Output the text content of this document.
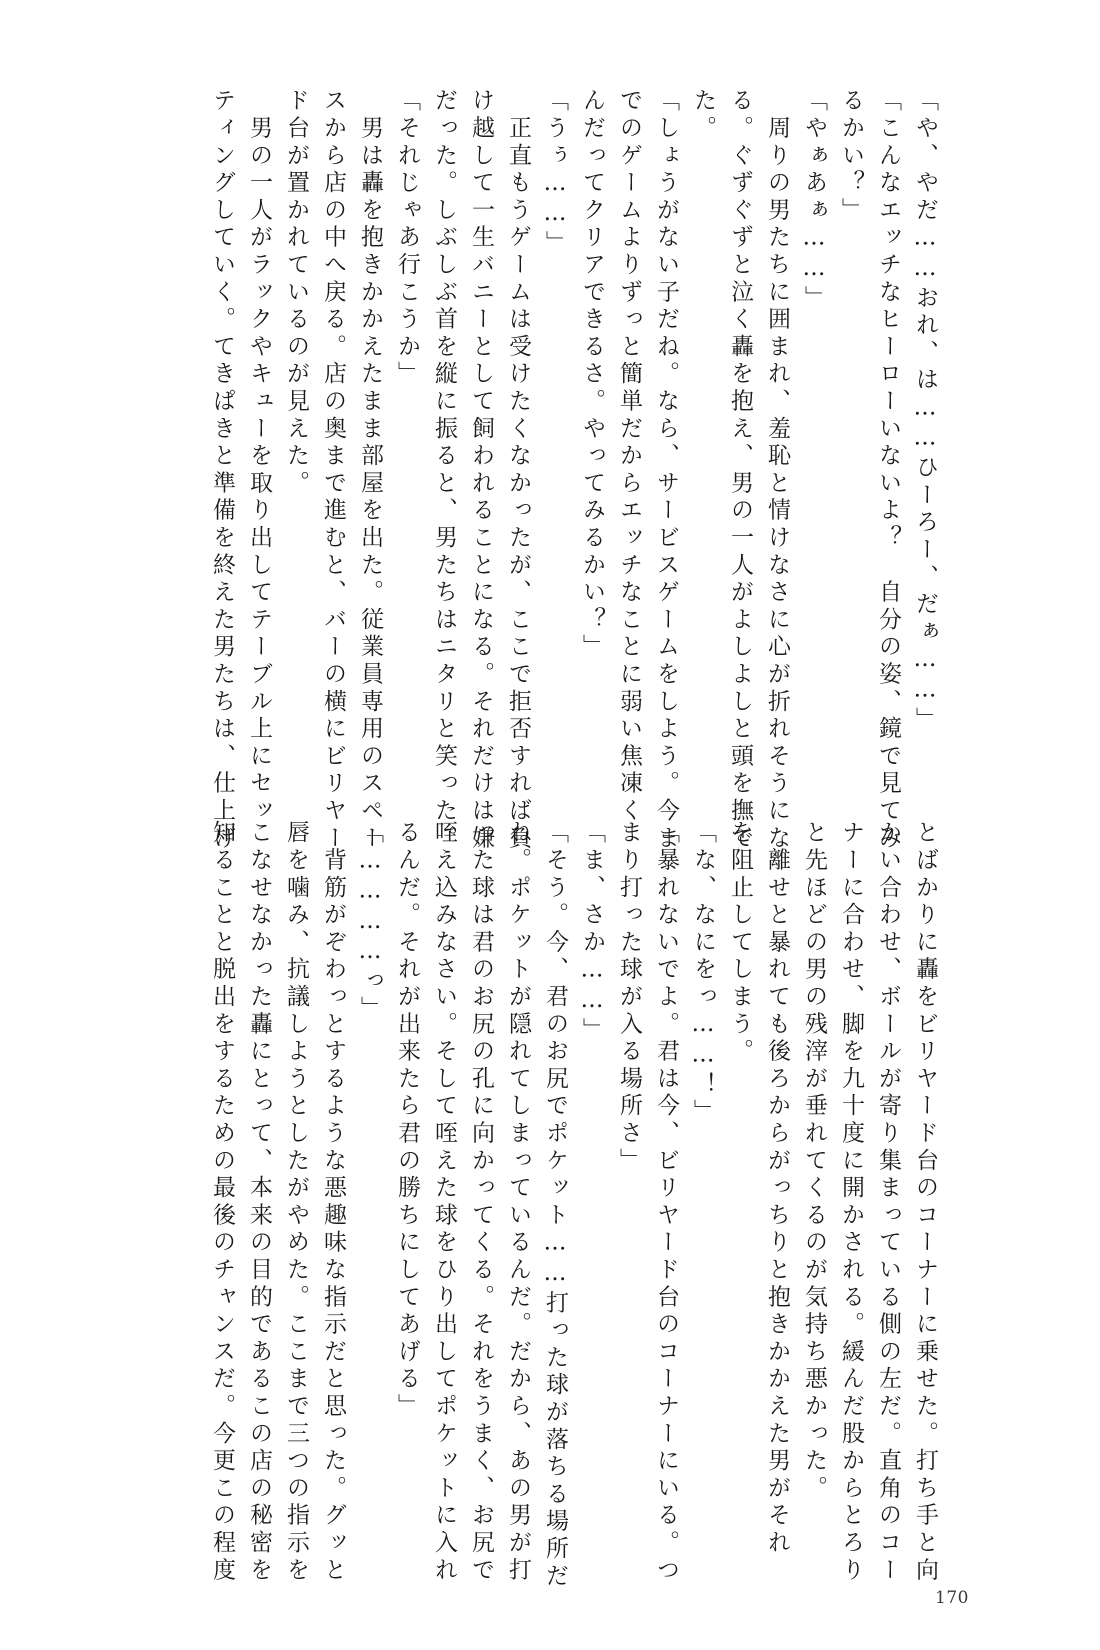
「や、やだ……おれ、は……ひーろー、だぁ……」
「こんなエッチなヒーローいないよ？　自分の姿、鏡で見てみ
るかい？」
「やぁあぁ……」
　周りの男たちに囲まれ、羞恥と情けなさに心が折れそうにな
る。ぐずぐずと泣く轟を抱え、男の一人がよしよしと頭を撫で
た。
「しょうがない子だね。なら、サービスゲームをしよう。今ま
でのゲームよりずっと簡単だからエッチなことに弱い焦凍く
んだってクリアできるさ。やってみるかい？」
「うぅ……」
　正直もうゲームは受けたくなかったが、ここで拒否すれば負
け越して一生バニーとして飼われることになる。それだけは嫌
だった。しぶしぶ首を縦に振ると、男たちはニタリと笑った。
「それじゃあ行こうか」
　男は轟を抱きかかえたまま部屋を出た。従業員専用のスペー
スから店の中へ戻る。店の奥まで進むと、バーの横にビリヤー
ド台が置かれているのが見えた。
　男の一人がラックやキューを取り出してテーブル上にセッ
ティングしていく。てきぱきと準備を終えた男たちは、仕上げ
とばかりに轟をビリヤード台のコーナーに乗せた。打ち手と向
かい合わせ、ボールが寄り集まっている側の左だ。直角のコー
ナーに合わせ、脚を九十度に開かされる。緩んだ股からとろり
と先ほどの男の残滓が垂れてくるのが気持ち悪かった。
　離せと暴れても後ろからがっちりと抱きかかえた男がそれ
を阻止してしまう。
「な、なにをっ……！」
「暴れないでよ。君は今、ビリヤード台のコーナーにいる。つ
まり打った球が入る場所さ」
「ま、さか……」
「そう。今、君のお尻でポケット……打った球が落ちる場所だ
ね。ポケットが隠れてしまっているんだ。だから、あの男が打
った球は君のお尻の孔に向かってくる。それをうまく、お尻で
咥え込みなさい。そして咥えた球をひり出してポケットに入れ
るんだ。それが出来たら君の勝ちにしてあげる」
「…………っ」
　背筋がぞわっとするような悪趣味な指示だと思った。グッと
唇を噛み、抗議しようとしたがやめた。ここまで三つの指示を
こなせなかった轟にとって、本来の目的であるこの店の秘密を
知ることと脱出をするための最後のチャンスだ。今更この程度
170
